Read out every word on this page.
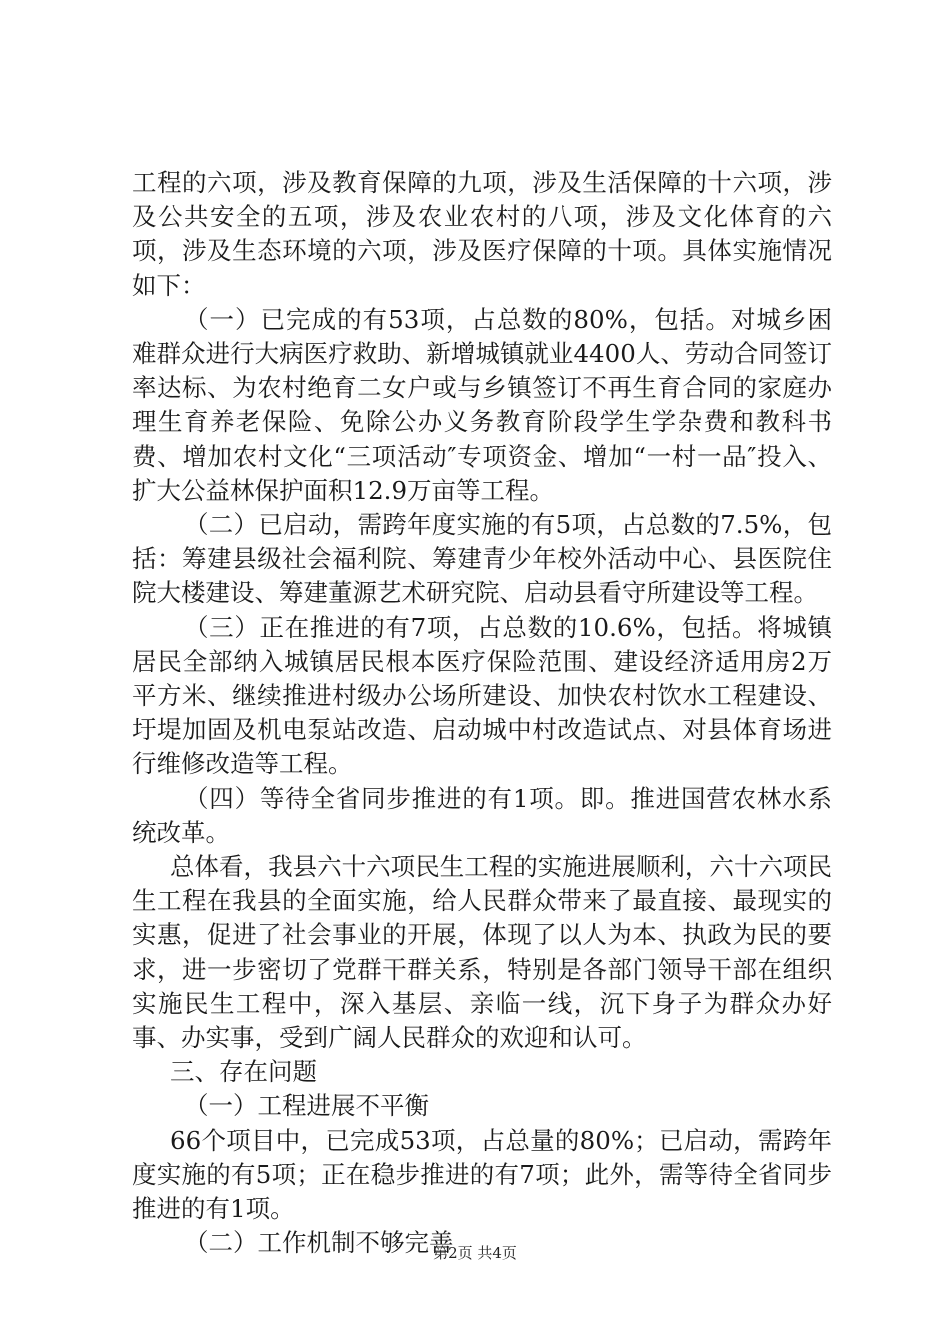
工程的六项，涉及教育保障的九项，涉及生活保障的十六项，涉及公共安全的五项，涉及农业农村的八项，涉及文化体育的六项，涉及生态环境的六项，涉及医疗保障的十项。具体实施情况如下：

（一）已完成的有53项，占总数的80%，包括。对城乡困难群众进行大病医疗救助、新增城镇就业4400人、劳动合同签订率达标、为农村绝育二女户或与乡镇签订不再生育合同的家庭办理生育养老保险、免除公办义务教育阶段学生学杂费和教科书费、增加农村文化“三项活动″专项资金、增加“一村一品″投入、扩大公益林保护面积12.9万亩等工程。

（二）已启动，需跨年度实施的有5项，占总数的7.5%，包括：筹建县级社会福利院、筹建青少年校外活动中心、县医院住院大楼建设、筹建董源艺术研究院、启动县看守所建设等工程。

（三）正在推进的有7项，占总数的10.6%，包括。将城镇居民全部纳入城镇居民根本医疗保险范围、建设经济适用房2万平方米、继续推进村级办公场所建设、加快农村饮水工程建设、圩堤加固及机电泵站改造、启动城中村改造试点、对县体育场进行维修改造等工程。

（四）等待全省同步推进的有1项。即。推进国营农林水系统改革。

总体看，我县六十六项民生工程的实施进展顺利，六十六项民生工程在我县的全面实施，给人民群众带来了最直接、最现实的实惠，促进了社会事业的开展，体现了以人为本、执政为民的要求，进一步密切了党群干群关系，特别是各部门领导干部在组织实施民生工程中，深入基层、亲临一线，沉下身子为群众办好事、办实事，受到广阔人民群众的欢迎和认可。

三、存在问题

（一）工程进展不平衡

66个项目中，已完成53项，占总量的80%；已启动，需跨年度实施的有5项；正在稳步推进的有7项；此外，需等待全省同步推进的有1项。

（二）工作机制不够完善

第2页 共4页
